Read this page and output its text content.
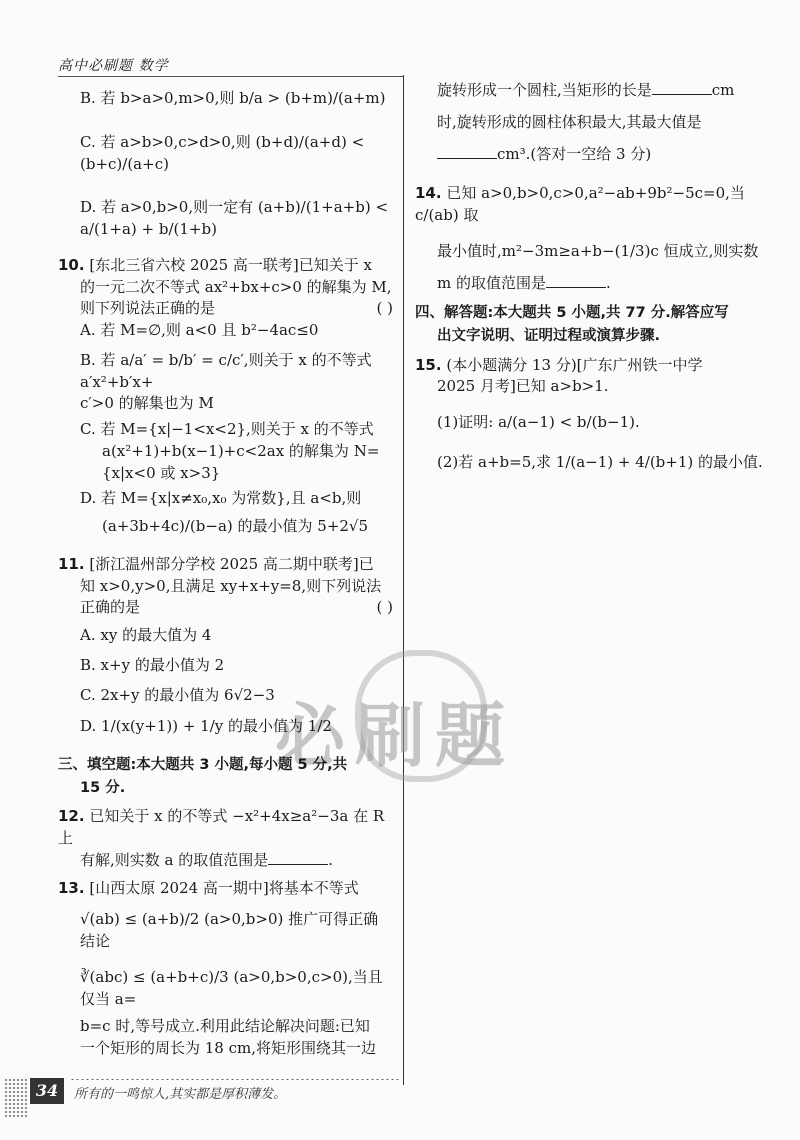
高中必刷题 数学
必刷题
B. 若 b>a>0,m>0,则 b/a > (b+m)/(a+m)
C. 若 a>b>0,c>d>0,则 (b+d)/(a+d) < (b+c)/(a+c)
D. 若 a>0,b>0,则一定有 (a+b)/(1+a+b) < a/(1+a) + b/(1+b)
10. [东北三省六校 2025 高一联考]已知关于 x
的一元二次不等式 ax²+bx+c>0 的解集为 M,
则下列说法正确的是	( )
A. 若 M=∅,则 a<0 且 b²−4ac≤0
B. 若 a/a′ = b/b′ = c/c′,则关于 x 的不等式 a′x²+b′x+
c′>0 的解集也为 M
C. 若 M={x|−1<x<2},则关于 x 的不等式
a(x²+1)+b(x−1)+c<2ax 的解集为 N=
{x|x<0 或 x>3}
D. 若 M={x|x≠x₀,x₀ 为常数},且 a<b,则
(a+3b+4c)/(b−a) 的最小值为 5+2√5
11. [浙江温州部分学校 2025 高二期中联考]已
知 x>0,y>0,且满足 xy+x+y=8,则下列说法
正确的是	( )
A. xy 的最大值为 4
B. x+y 的最小值为 2
C. 2x+y 的最小值为 6√2−3
D. 1/(x(y+1)) + 1/y 的最小值为 1/2
三、填空题:本大题共 3 小题,每小题 5 分,共
15 分.
12. 已知关于 x 的不等式 −x²+4x≥a²−3a 在 R 上
有解,则实数 a 的取值范围是	.
13. [山西太原 2024 高一期中]将基本不等式
√(ab) ≤ (a+b)/2 (a>0,b>0) 推广可得正确结论
∛(abc) ≤ (a+b+c)/3 (a>0,b>0,c>0),当且仅当 a=
b=c 时,等号成立.利用此结论解决问题:已知
一个矩形的周长为 18 cm,将矩形围绕其一边
旋转形成一个圆柱,当矩形的长是	cm
时,旋转形成的圆柱体积最大,其最大值是
cm³.(答对一空给 3 分)
14. 已知 a>0,b>0,c>0,a²−ab+9b²−5c=0,当 c/(ab) 取
最小值时,m²−3m≥a+b−(1/3)c 恒成立,则实数
m 的取值范围是	.
四、解答题:本大题共 5 小题,共 77 分.解答应写
出文字说明、证明过程或演算步骤.
15. (本小题满分 13 分)[广东广州铁一中学
2025 月考]已知 a>b>1.
(1)证明: a/(a−1) < b/(b−1).
(2)若 a+b=5,求 1/(a−1) + 4/(b+1) 的最小值.
34	所有的一鸣惊人,其实都是厚积薄发。
